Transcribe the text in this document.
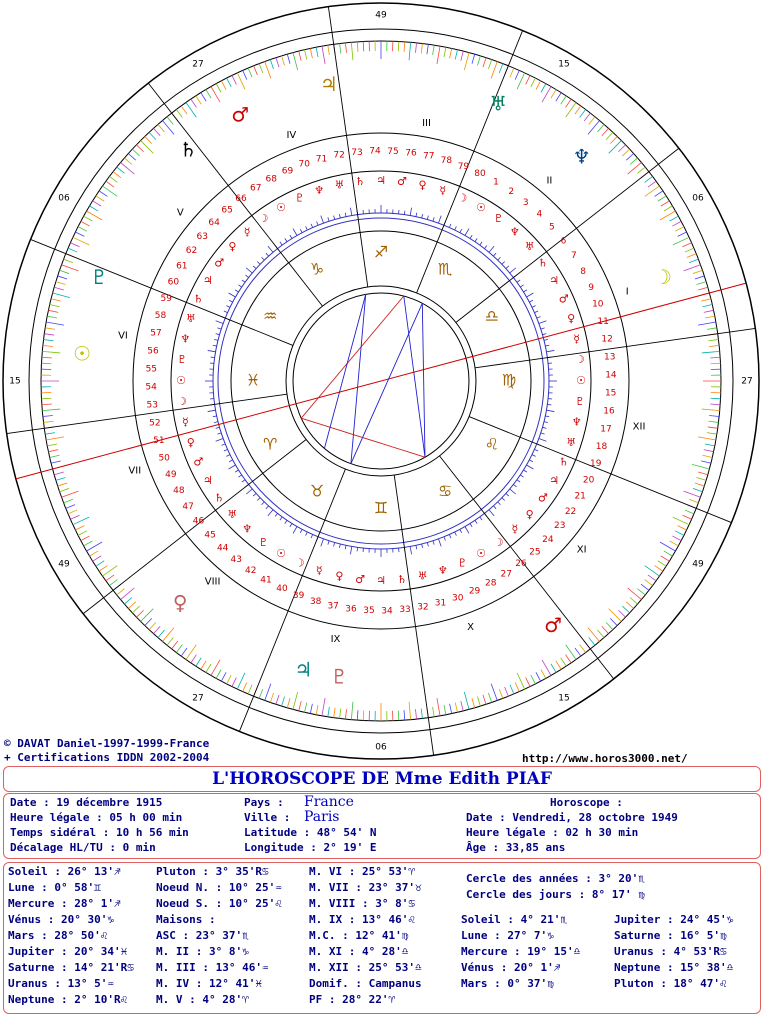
I
II
III
IV
V
VI
VII
VIII
IX
X
XI
XII
♈
♉
♊
♋
♌
♍
♎
♏
♐
♑
♒
♓
49
15
06
27
49
15
06
27
49
15
06
27
☉
☽
☿
♀
♂
♃
♄
♅
♆
♇
☉
☽
☿
♀
♂
♃
♄
♅
♆
♇
☉
☽
☿
♀
♂
♃
♄
♅
♆
♇
☉
☽
☿
♀
♂
♃
♄
♅
♆
♇
☉
☽
☿ ♀ ♂ ♃ ♄ ♅ ♆
♇
☉
☽
☿
♀
♂
♃
♄
♅
♆
♇
1
2
3
4
5
6
7
8
9
10
11
12
13
14
15
16
17
18
19
20
21
22
23
24
25
26
27
28
29
30
31
32
33
34
35
36
37
38
39
40
41
42
43
44
45
46
47
48
49
50
51
52
53
54
55
56
57
58
59
60
61
62
63
64
65
66
67
68
69
70
71 72 73 74 75 76 77 78
79
80
♂
♃
♄
♅
♆
☽
♇
☉
♀
♃ ♇
♂
© DAVAT Daniel-1997-1999-France
+ Certifications IDDN 2002-2004	http://www.horos3000.net/
L'HOROSCOPE DE Mme Edith PIAF
Date : 19 décembre 1915
Heure légale : 05 h 00 min
Temps sidéral : 10 h 56 min
Décalage HL/TU : 0 min
Pays : France
Ville : Paris
Latitude : 48° 54' N
Longitude : 2° 19' E
Horoscope :
Date : Vendredi, 28 octobre 1949
Heure légale : 02 h 30 min
Âge : 33,85 ans
Soleil : 26° 13'♐
Lune : 0° 58'♊
Mercure : 28° 1'♐
Vénus : 20° 30'♑
Mars : 28° 50'♌
Jupiter : 20° 34'♓
Saturne : 14° 21'R♋
Uranus : 13° 5'♒
Neptune : 2° 10'R♌
Pluton : 3° 35'R♋
Noeud N. : 10° 25'♒
Noeud S. : 10° 25'♌
Maisons :
ASC : 23° 37'♏
M. II : 3° 8'♑
M. III : 13° 46'♒
M. IV : 12° 41'♓
M. V : 4° 28'♈
M. VI : 25° 53'♈
M. VII : 23° 37'♉
M. VIII : 3° 8'♋
M. IX : 13° 46'♌
M.C. : 12° 41'♍
M. XI : 4° 28'♎
M. XII : 25° 53'♎
Domif. : Campanus
PF : 28° 22'♈
Cercle des années : 3° 20'♏
Cercle des jours : 8° 17' ♍
Soleil : 4° 21'♏
Lune : 27° 7'♑
Mercure : 19° 15'♎
Vénus : 20° 1'♐
Mars : 0° 37'♍
Jupiter : 24° 45'♑
Saturne : 16° 5'♍
Uranus : 4° 53'R♋
Neptune : 15° 38'♎
Pluton : 18° 47'♌
